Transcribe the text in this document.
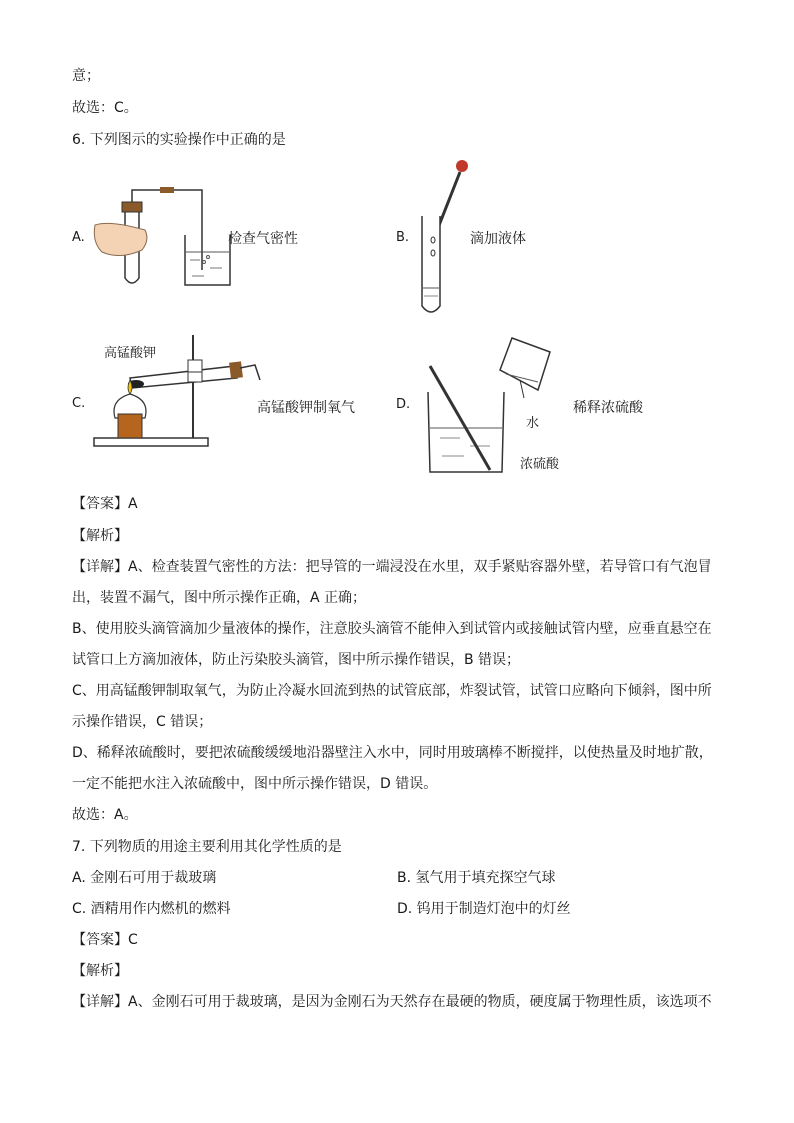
意；
故选：C。
6. 下列图示的实验操作中正确的是
A.	检查气密性	B.	滴加液体
C.
高锰酸钾
高锰酸钾制氧气	D.
水
浓硫酸
稀释浓硫酸
【答案】A
【解析】
【详解】A、检查装置气密性的方法：把导管的一端浸没在水里，双手紧贴容器外壁，若导管口有气泡冒
出，装置不漏气，图中所示操作正确，A 正确；
B、使用胶头滴管滴加少量液体的操作，注意胶头滴管不能伸入到试管内或接触试管内壁，应垂直悬空在
试管口上方滴加液体，防止污染胶头滴管，图中所示操作错误，B 错误；
C、用高锰酸钾制取氧气，为防止冷凝水回流到热的试管底部，炸裂试管，试管口应略向下倾斜，图中所
示操作错误，C 错误；
D、稀释浓硫酸时，要把浓硫酸缓缓地沿器壁注入水中，同时用玻璃棒不断搅拌，以使热量及时地扩散，
一定不能把水注入浓硫酸中，图中所示操作错误，D 错误。
故选：A。
7. 下列物质的用途主要利用其化学性质的是
A. 金刚石可用于裁玻璃	B. 氢气用于填充探空气球
C. 酒精用作内燃机的燃料	D. 钨用于制造灯泡中的灯丝
【答案】C
【解析】
【详解】A、金刚石可用于裁玻璃，是因为金刚石为天然存在最硬的物质，硬度属于物理性质，该选项不
